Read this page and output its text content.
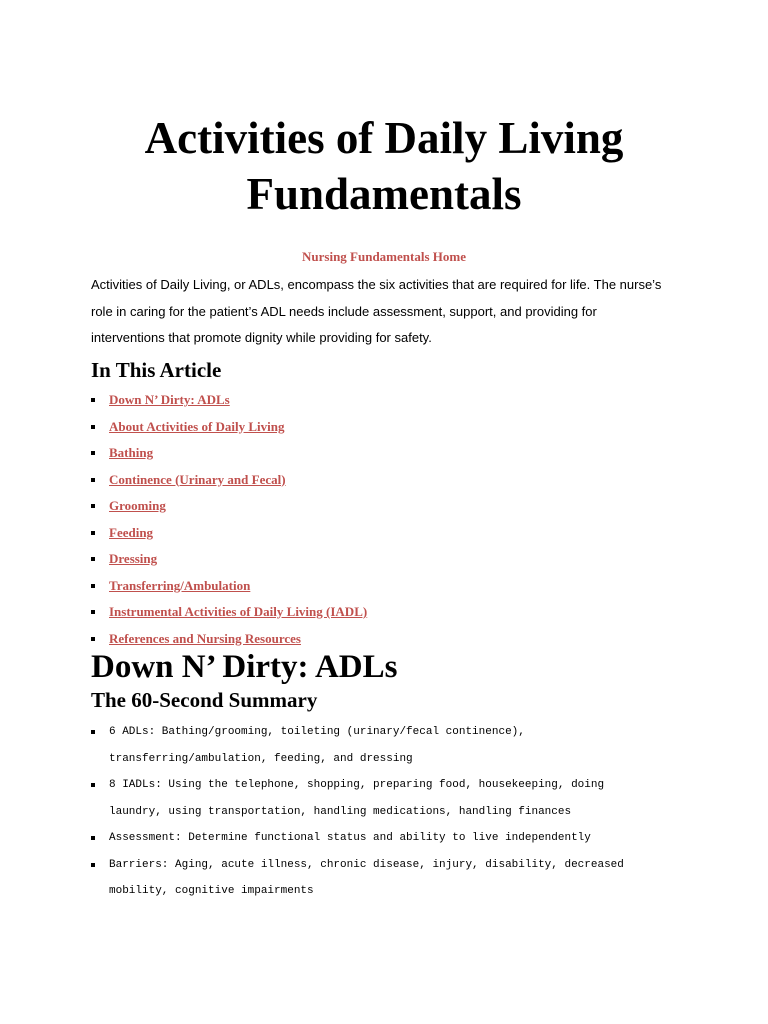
Activities of Daily Living
Fundamentals
Nursing Fundamentals Home

Activities of Daily Living, or ADLs, encompass the six activities that are required for life. The nurse’s
role in caring for the patient’s ADL needs include assessment, support, and providing for
interventions that promote dignity while providing for safety.

In This Article
Down N’ Dirty: ADLs
About Activities of Daily Living
Bathing
Continence (Urinary and Fecal)
Grooming
Feeding
Dressing
Transferring/Ambulation
Instrumental Activities of Daily Living (IADL)
References and Nursing Resources
Down N’ Dirty: ADLs
The 60-Second Summary
6 ADLs: Bathing/grooming, toileting (urinary/fecal continence),
transferring/ambulation, feeding, and dressing
8 IADLs: Using the telephone, shopping, preparing food, housekeeping, doing
laundry, using transportation, handling medications, handling finances
Assessment: Determine functional status and ability to live independently
Barriers: Aging, acute illness, chronic disease, injury, disability, decreased
mobility, cognitive impairments
